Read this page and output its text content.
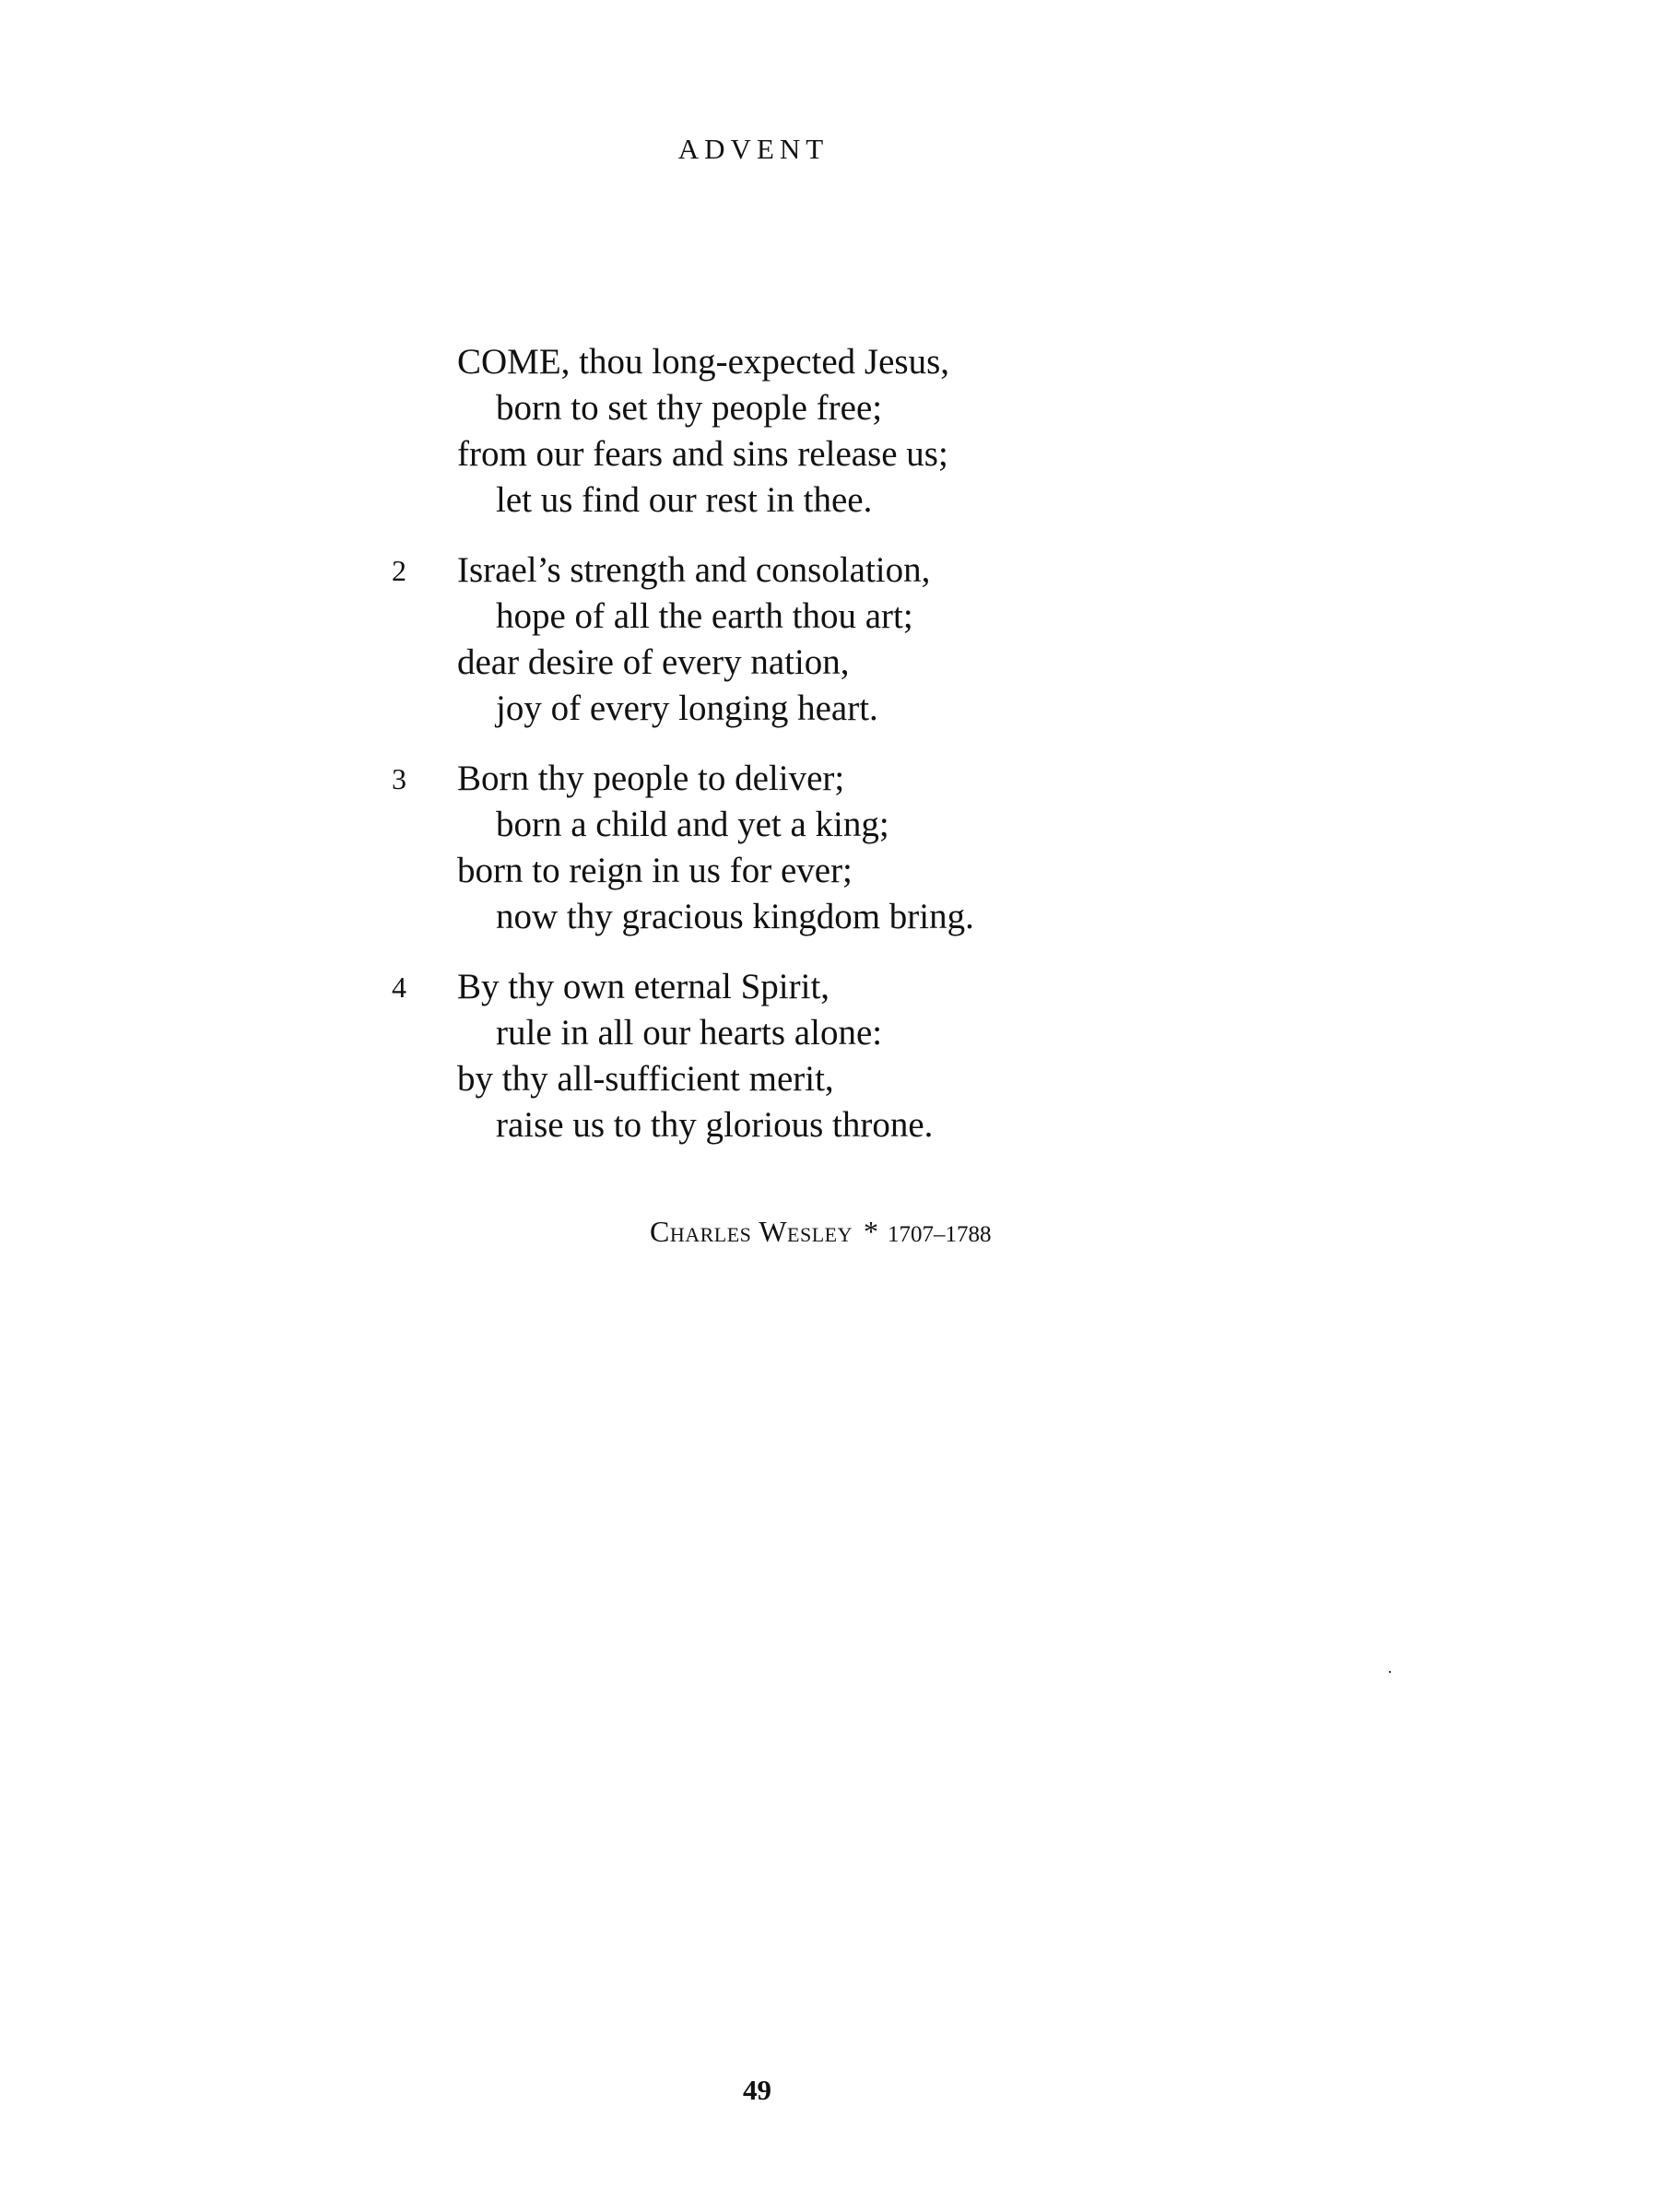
ADVENT
COME, thou long-expected Jesus,
born to set thy people free;
from our fears and sins release us;
let us find our rest in thee.
2	Israel’s strength and consolation,
hope of all the earth thou art;
dear desire of every nation,
joy of every longing heart.
3	Born thy people to deliver;
born a child and yet a king;
born to reign in us for ever;
now thy gracious kingdom bring.
4	By thy own eternal Spirit,
rule in all our hearts alone:
by thy all-sufficient merit,
raise us to thy glorious throne.
Charles Wesley * 1707–1788
49
